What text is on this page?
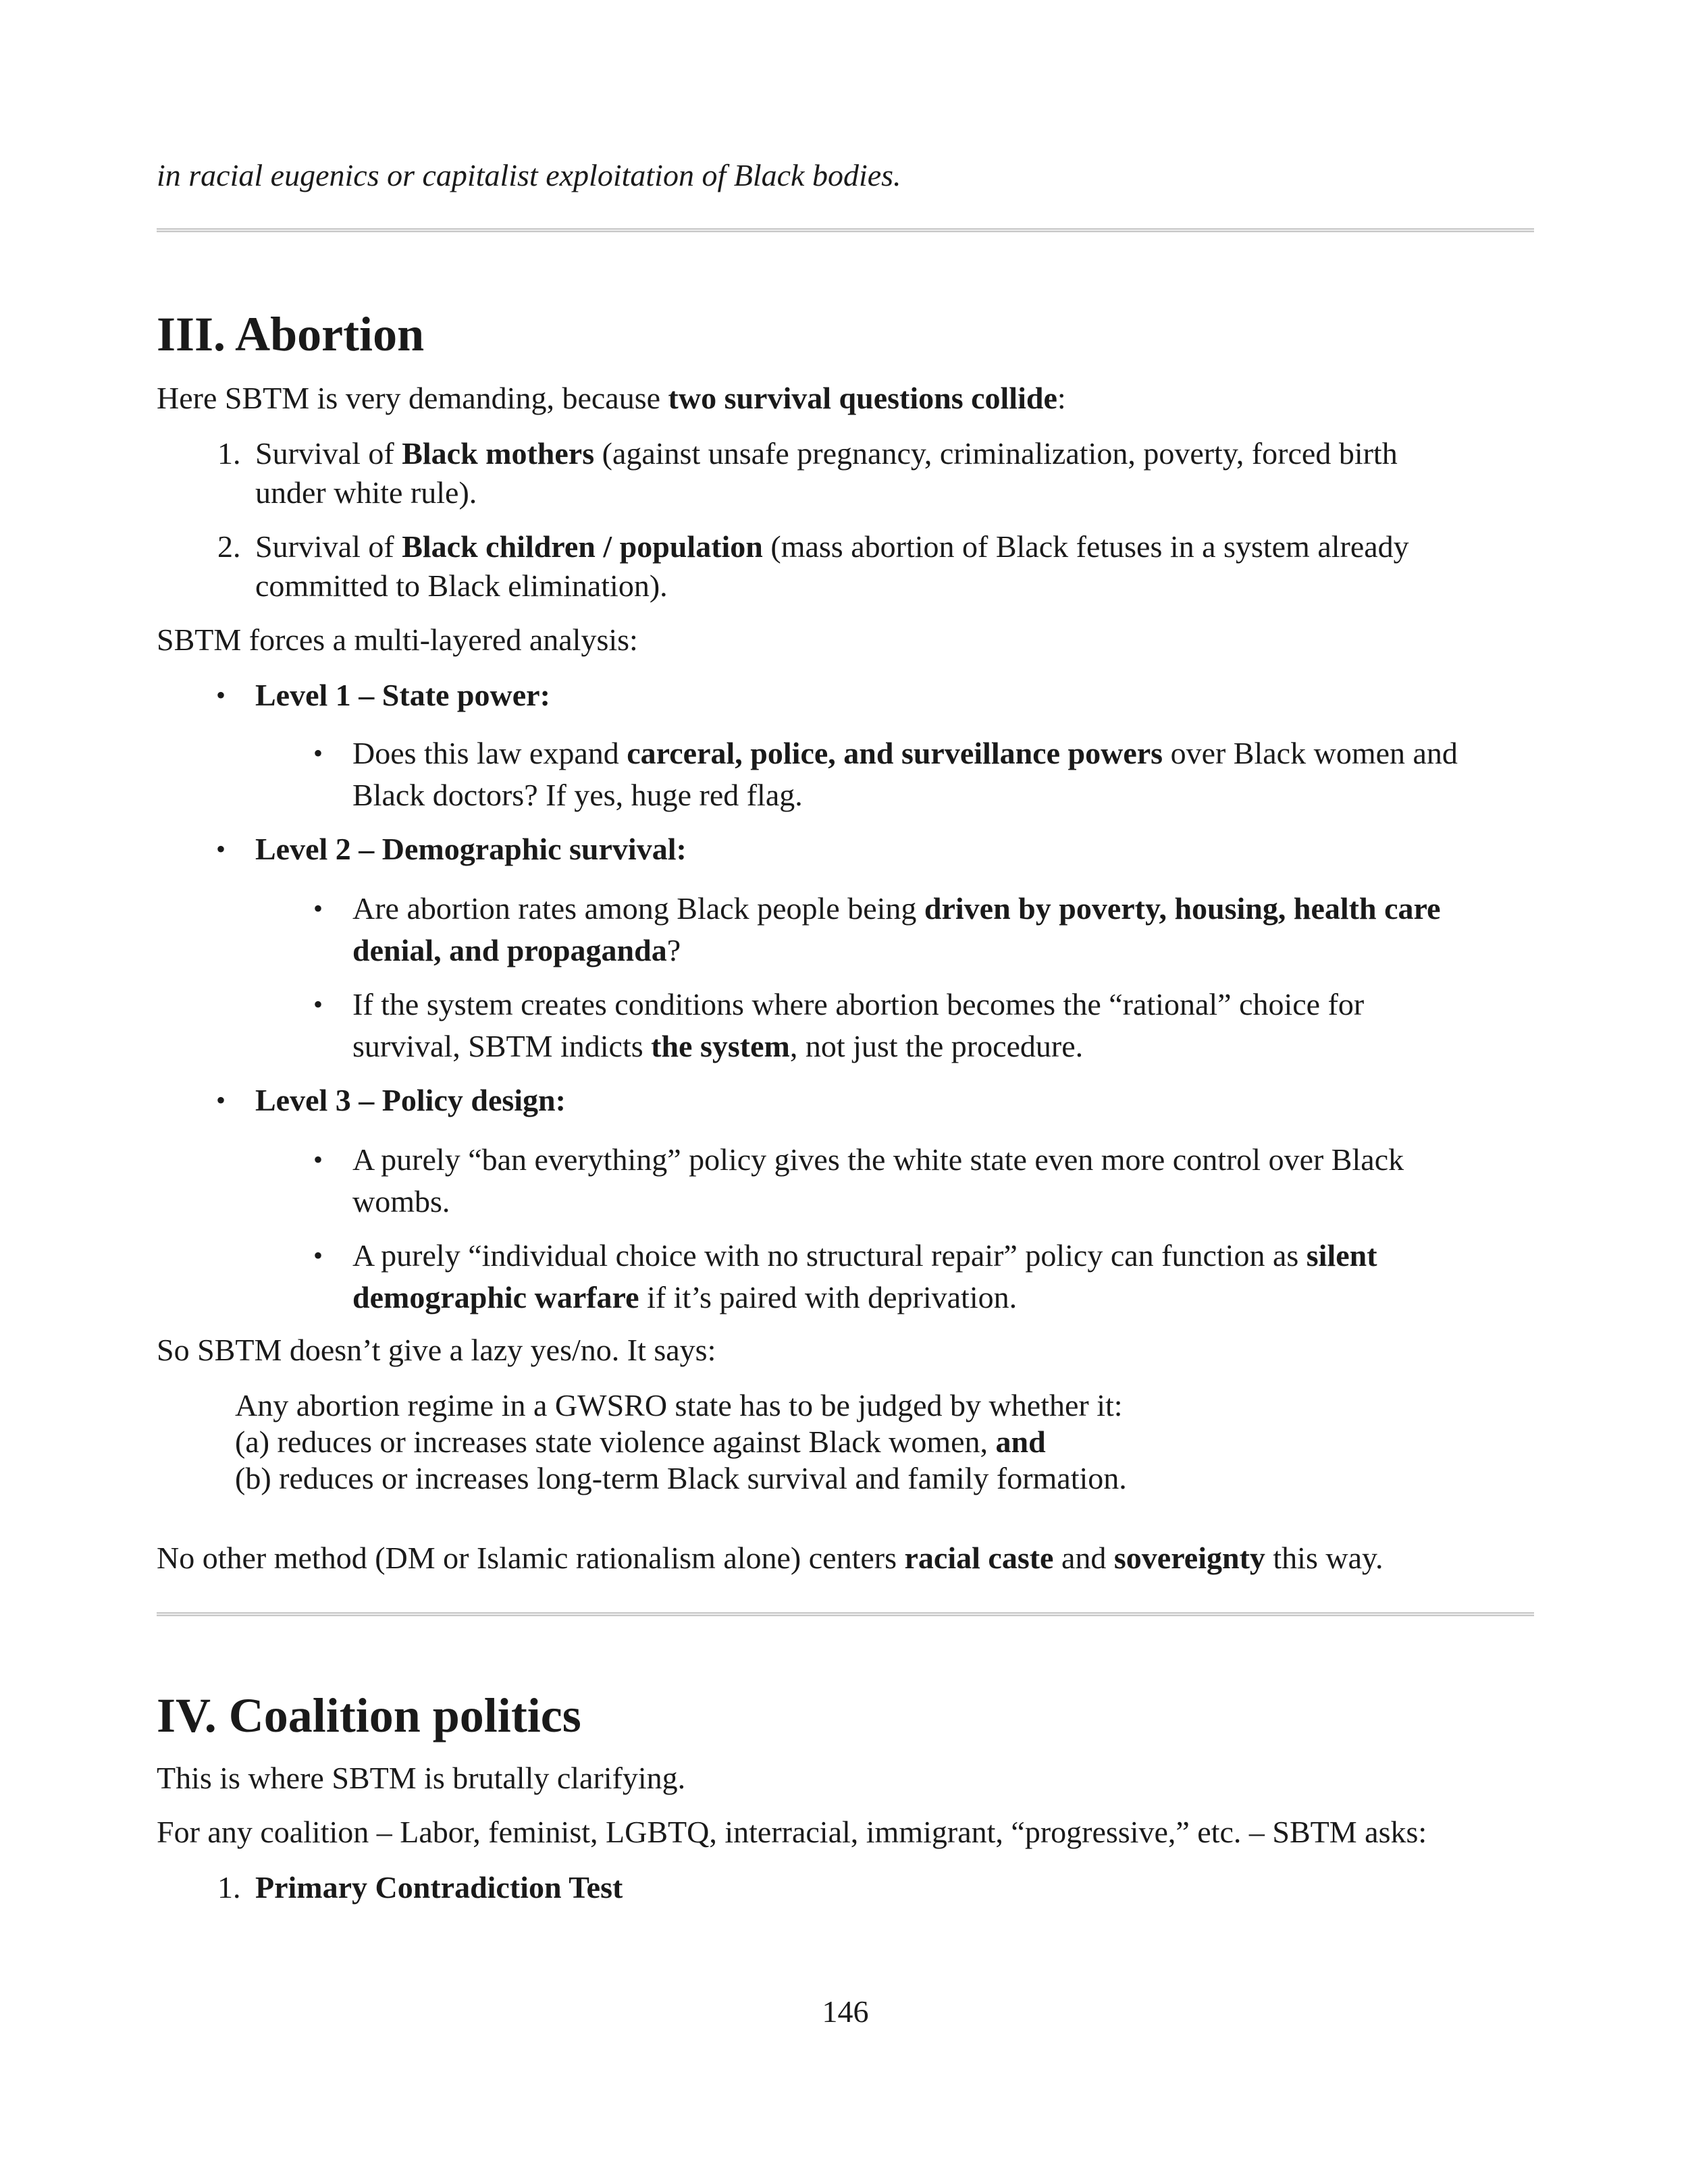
in racial eugenics or capitalist exploitation of Black bodies.
III. Abortion
Here SBTM is very demanding, because two survival questions collide:
1. Survival of Black mothers (against unsafe pregnancy, criminalization, poverty, forced birth
under white rule).
2. Survival of Black children / population (mass abortion of Black fetuses in a system already
committed to Black elimination).
SBTM forces a multi-layered analysis:
• Level 1 – State power:
• Does this law expand carceral, police, and surveillance powers over Black women and
Black doctors? If yes, huge red flag.
• Level 2 – Demographic survival:
• Are abortion rates among Black people being driven by poverty, housing, health care
denial, and propaganda?
• If the system creates conditions where abortion becomes the “rational” choice for
survival, SBTM indicts the system, not just the procedure.
• Level 3 – Policy design:
• A purely “ban everything” policy gives the white state even more control over Black
wombs.
• A purely “individual choice with no structural repair” policy can function as silent
demographic warfare if it’s paired with deprivation.
So SBTM doesn’t give a lazy yes/no. It says:
Any abortion regime in a GWSRO state has to be judged by whether it:
(a) reduces or increases state violence against Black women, and
(b) reduces or increases long-term Black survival and family formation.
No other method (DM or Islamic rationalism alone) centers racial caste and sovereignty this way.
IV. Coalition politics
This is where SBTM is brutally clarifying.
For any coalition – Labor, feminist, LGBTQ, interracial, immigrant, “progressive,” etc. – SBTM asks:
1. Primary Contradiction Test
146
